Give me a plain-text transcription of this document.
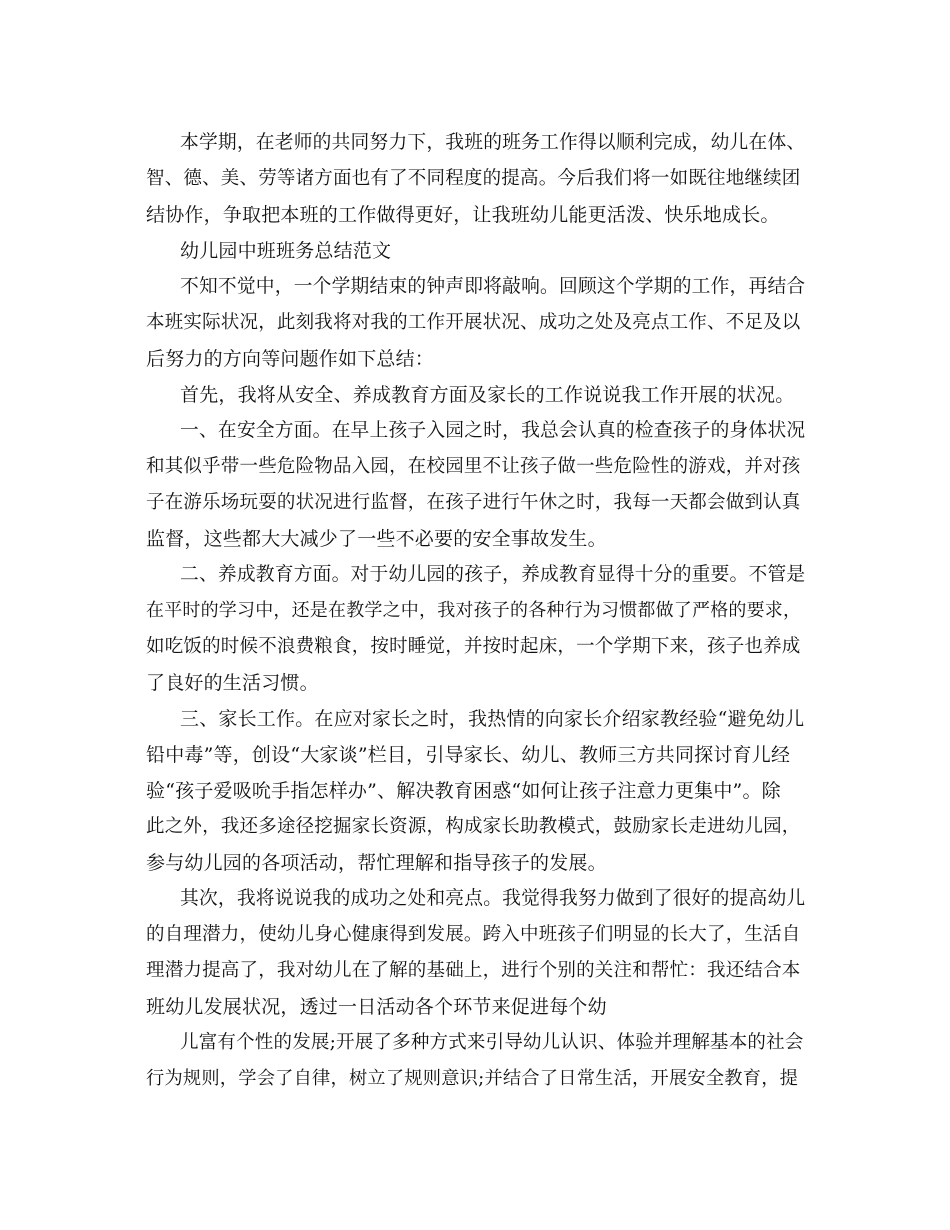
本学期，在老师的共同努力下，我班的班务工作得以顺利完成，幼儿在体、
智、德、美、劳等诸方面也有了不同程度的提高。今后我们将一如既往地继续团
结协作，争取把本班的工作做得更好，让我班幼儿能更活泼、快乐地成长。
幼儿园中班班务总结范文
不知不觉中，一个学期结束的钟声即将敲响。回顾这个学期的工作，再结合
本班实际状况，此刻我将对我的工作开展状况、成功之处及亮点工作、不足及以
后努力的方向等问题作如下总结：
首先，我将从安全、养成教育方面及家长的工作说说我工作开展的状况。
一、在安全方面。在早上孩子入园之时，我总会认真的检查孩子的身体状况
和其似乎带一些危险物品入园，在校园里不让孩子做一些危险性的游戏，并对孩
子在游乐场玩耍的状况进行监督，在孩子进行午休之时，我每一天都会做到认真
监督，这些都大大减少了一些不必要的安全事故发生。
二、养成教育方面。对于幼儿园的孩子，养成教育显得十分的重要。不管是
在平时的学习中，还是在教学之中，我对孩子的各种行为习惯都做了严格的要求，
如吃饭的时候不浪费粮食，按时睡觉，并按时起床，一个学期下来，孩子也养成
了良好的生活习惯。
三、家长工作。在应对家长之时，我热情的向家长介绍家教经验“避免幼儿
铅中毒”等，创设“大家谈”栏目，引导家长、幼儿、教师三方共同探讨育儿经
验“孩子爱吸吮手指怎样办”、解决教育困惑“如何让孩子注意力更集中”。除
此之外，我还多途径挖掘家长资源，构成家长助教模式，鼓励家长走进幼儿园，
参与幼儿园的各项活动，帮忙理解和指导孩子的发展。
其次，我将说说我的成功之处和亮点。我觉得我努力做到了很好的提高幼儿
的自理潜力，使幼儿身心健康得到发展。跨入中班孩子们明显的长大了，生活自
理潜力提高了，我对幼儿在了解的基础上，进行个别的关注和帮忙：我还结合本
班幼儿发展状况，透过一日活动各个环节来促进每个幼
儿富有个性的发展;开展了多种方式来引导幼儿认识、体验并理解基本的社会
行为规则，学会了自律，树立了规则意识;并结合了日常生活，开展安全教育，提
